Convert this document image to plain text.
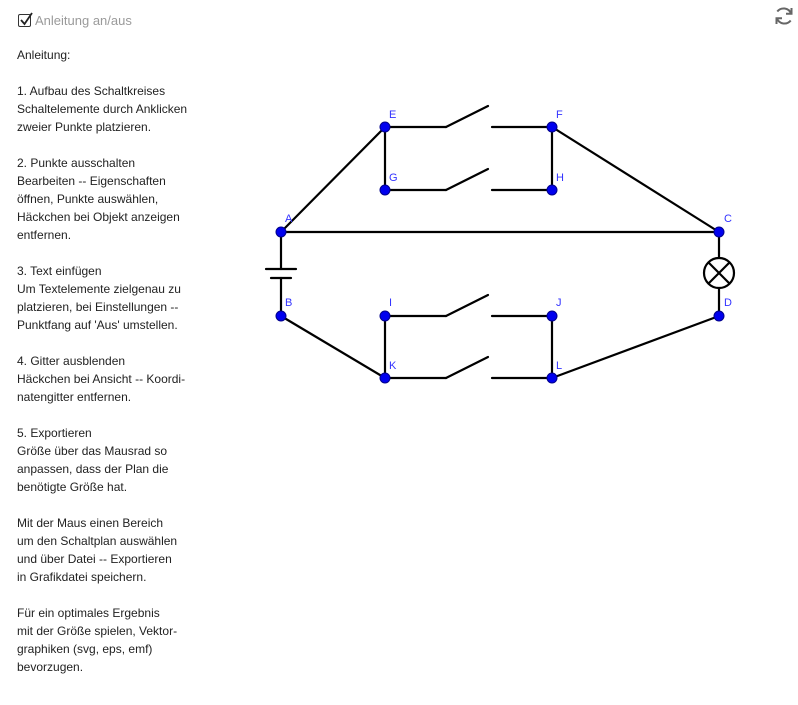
Anleitung an/aus
Anleitung:
1. Aufbau des Schaltkreises
Schaltelemente durch Anklicken
zweier Punkte platzieren.
2. Punkte ausschalten
Bearbeiten -- Eigenschaften
öffnen, Punkte auswählen,
Häckchen bei Objekt anzeigen
entfernen.
3. Text einfügen
Um Textelemente zielgenau zu
platzieren, bei Einstellungen --
Punktfang auf 'Aus' umstellen.
4. Gitter ausblenden
Häckchen bei Ansicht -- Koordi-
natengitter entfernen.
5. Exportieren
Größe über das Mausrad so
anpassen, dass der Plan die
benötigte Größe hat.
Mit der Maus einen Bereich
um den Schaltplan auswählen
und über Datei -- Exportieren
in Grafikdatei speichern.
Für ein optimales Ergebnis
mit der Größe spielen, Vektor-
graphiken (svg, eps, emf)
bevorzugen.
A
B
C
D
E	F
G	H
I	J
K	L
